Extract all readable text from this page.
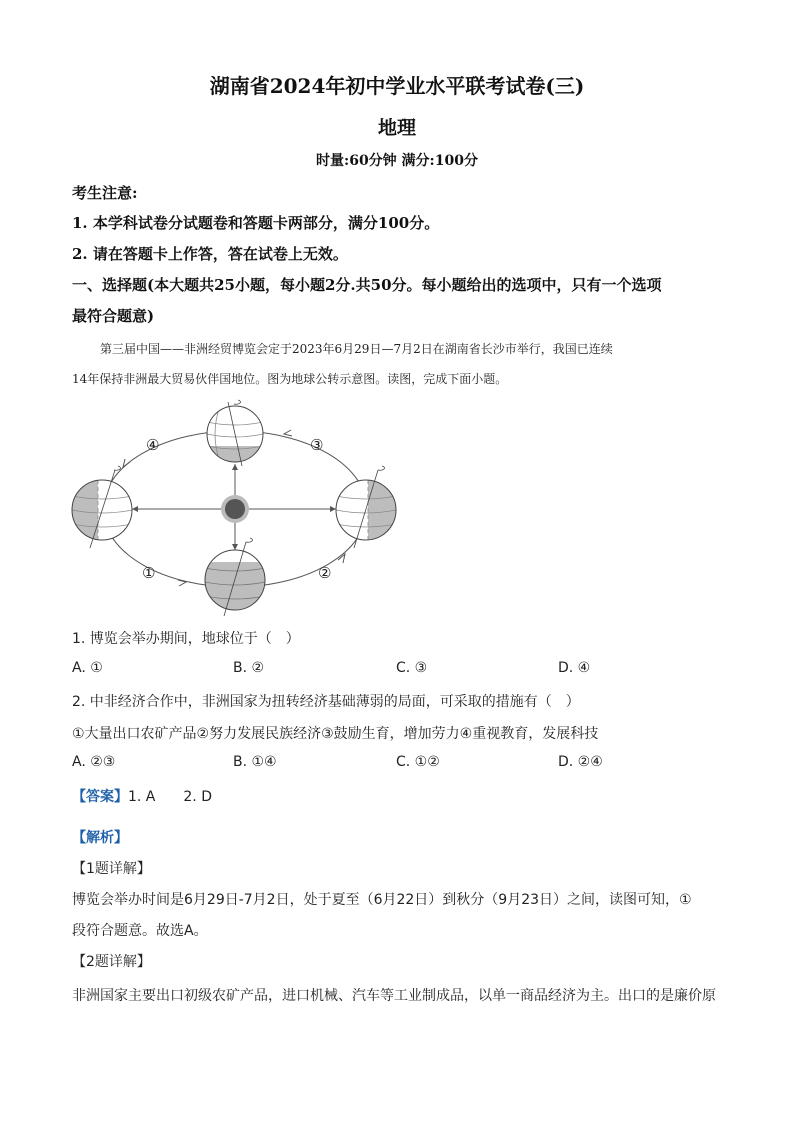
湖南省2024年初中学业水平联考试卷(三)
地理
时量:60分钟 满分:100分
考生注意:
1. 本学科试卷分试题卷和答题卡两部分，满分100分。
2. 请在答题卡上作答，答在试卷上无效。
一、选择题(本大题共25小题，每小题2分.共50分。每小题给出的选项中，只有一个选项
最符合题意)
第三届中国——非洲经贸博览会定于2023年6月29日—7月2日在湖南省长沙市举行，我国已连续
14年保持非洲最大贸易伙伴国地位。图为地球公转示意图。读图，完成下面小题。
①	②
③
④
1. 博览会举办期间，地球位于（　）
A. ①	B. ②	C. ③	D. ④
2. 中非经济合作中，非洲国家为扭转经济基础薄弱的局面，可采取的措施有（　）
①大量出口农矿产品②努力发展民族经济③鼓励生育，增加劳力④重视教育，发展科技
A. ②③	B. ①④	C. ①②	D. ②④
【答案】1. A　　2. D
【解析】
【1题详解】
博览会举办时间是6月29日-7月2日，处于夏至（6月22日）到秋分（9月23日）之间，读图可知，①
段符合题意。故选A。
【2题详解】
非洲国家主要出口初级农矿产品，进口机械、汽车等工业制成品，以单一商品经济为主。出口的是廉价原
